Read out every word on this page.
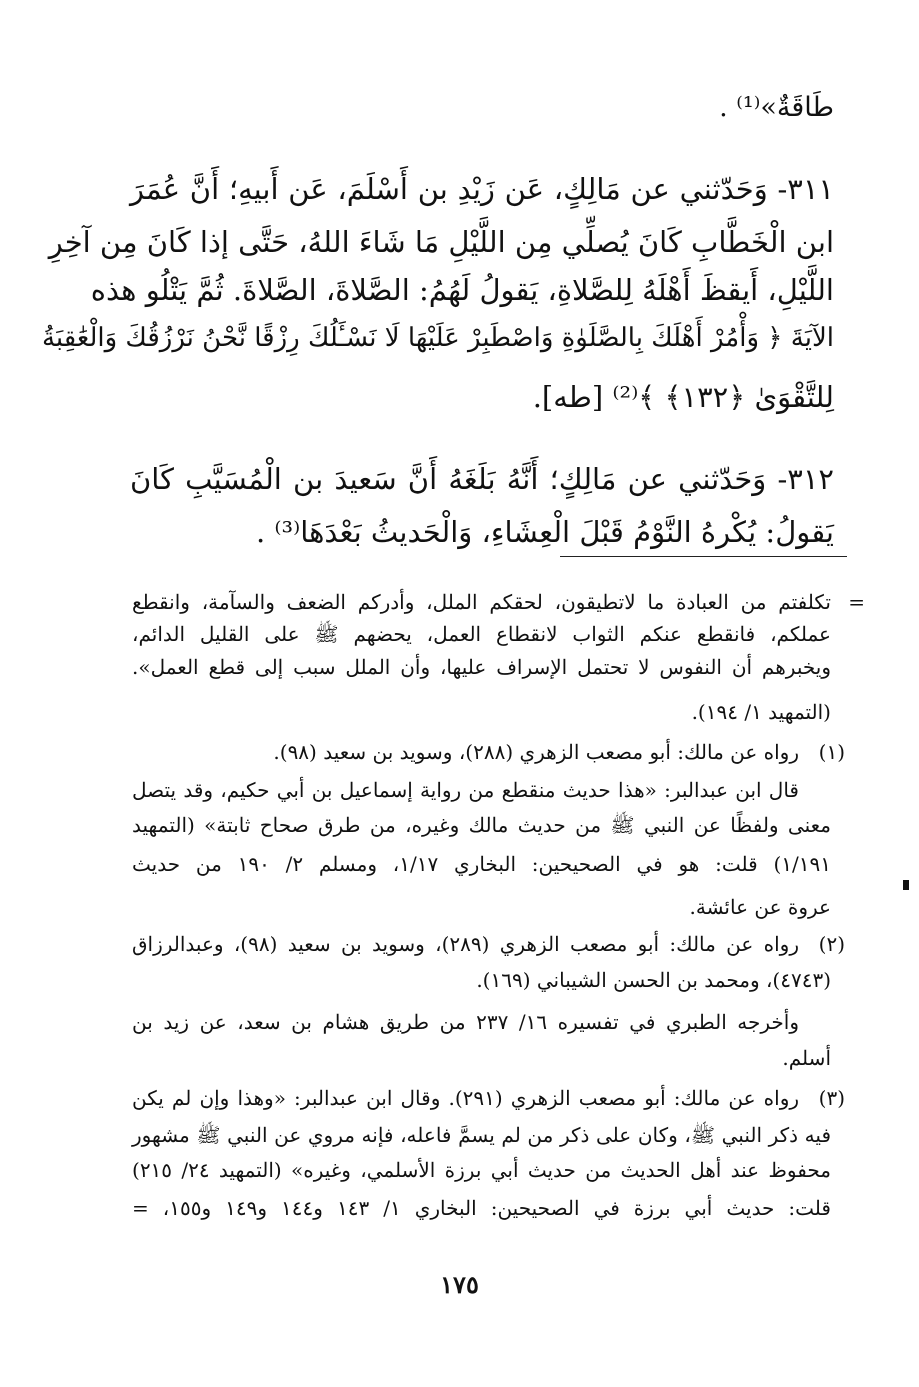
طَاقَةٌ»⁽¹⁾ .
٣١١- وَحَدّثني عن مَالِكٍ، عَن زَيْدِ بن أَسْلَمَ، عَن أَبيهِ؛ أَنَّ عُمَرَ
ابن الْخَطَّابِ كَانَ يُصلِّي مِن اللَّيْلِ مَا شَاءَ اللهُ، حَتَّى إذا كَانَ مِن آخِرِ
اللَّيْلِ، أَيقظَ أَهْلَهُ لِلصَّلاةِ، يَقولُ لَهُمُ: الصَّلاةَ، الصَّلاةَ. ثُمَّ يَتْلُو هذه
الآيَةَ ﴿ وَأْمُرْ أَهْلَكَ بِالصَّلَوٰةِ وَاصْطَبِرْ عَلَيْهَا لَا نَسْـَٔلُكَ رِزْقًا نَّحْنُ نَرْزُقُكَ وَالْعَٰقِبَةُ
لِلتَّقْوَىٰ ﴿١٣٢﴾ ﴾⁽²⁾ [طه].
٣١٢- وَحَدّثني عن مَالِكٍ؛ أَنَّهُ بَلَغَهُ أَنَّ سَعيدَ بن الْمُسَيَّبِ كَانَ
يَقولُ: يُكْرهُ النَّوْمُ قَبْلَ الْعِشَاءِ، وَالْحَديثُ بَعْدَهَا⁽³⁾ .
=
تكلفتم من العبادة ما لاتطيقون، لحقكم الملل، وأدركم الضعف والسآمة، وانقطع
عملكم، فانقطع عنكم الثواب لانقطاع العمل، يحضهم ﷺ على القليل الدائم،
ويخبرهم أن النفوس لا تحتمل الإسراف عليها، وأن الملل سبب إلى قطع العمل».
(التمهيد ١/ ١٩٤).
(١)
رواه عن مالك: أبو مصعب الزهري (٢٨٨)، وسويد بن سعيد (٩٨).
قال ابن عبدالبر: «هذا حديث منقطع من رواية إسماعيل بن أبي حكيم، وقد يتصل
معنى ولفظًا عن النبي ﷺ من حديث مالك وغيره، من طرق صحاح ثابتة» (التمهيد
١/١٩١) قلت: هو في الصحيحين: البخاري ١/١٧، ومسلم ٢/ ١٩٠ من حديث
عروة عن عائشة.
(٢)
رواه عن مالك: أبو مصعب الزهري (٢٨٩)، وسويد بن سعيد (٩٨)، وعبدالرزاق
(٤٧٤٣)، ومحمد بن الحسن الشيباني (١٦٩).
وأخرجه الطبري في تفسيره ١٦/ ٢٣٧ من طريق هشام بن سعد، عن زيد بن
أسلم.
(٣)
رواه عن مالك: أبو مصعب الزهري (٢٩١). وقال ابن عبدالبر: «وهذا وإن لم يكن
فيه ذكر النبي ﷺ، وكان على ذكر من لم يسمَّ فاعله، فإنه مروي عن النبي ﷺ مشهور
محفوظ عند أهل الحديث من حديث أبي برزة الأسلمي، وغيره» (التمهيد ٢٤/ ٢١٥)
قلت: حديث أبي برزة في الصحيحين: البخاري ١/ ١٤٣ و١٤٤ و١٤٩ و١٥٥، =
١٧٥
